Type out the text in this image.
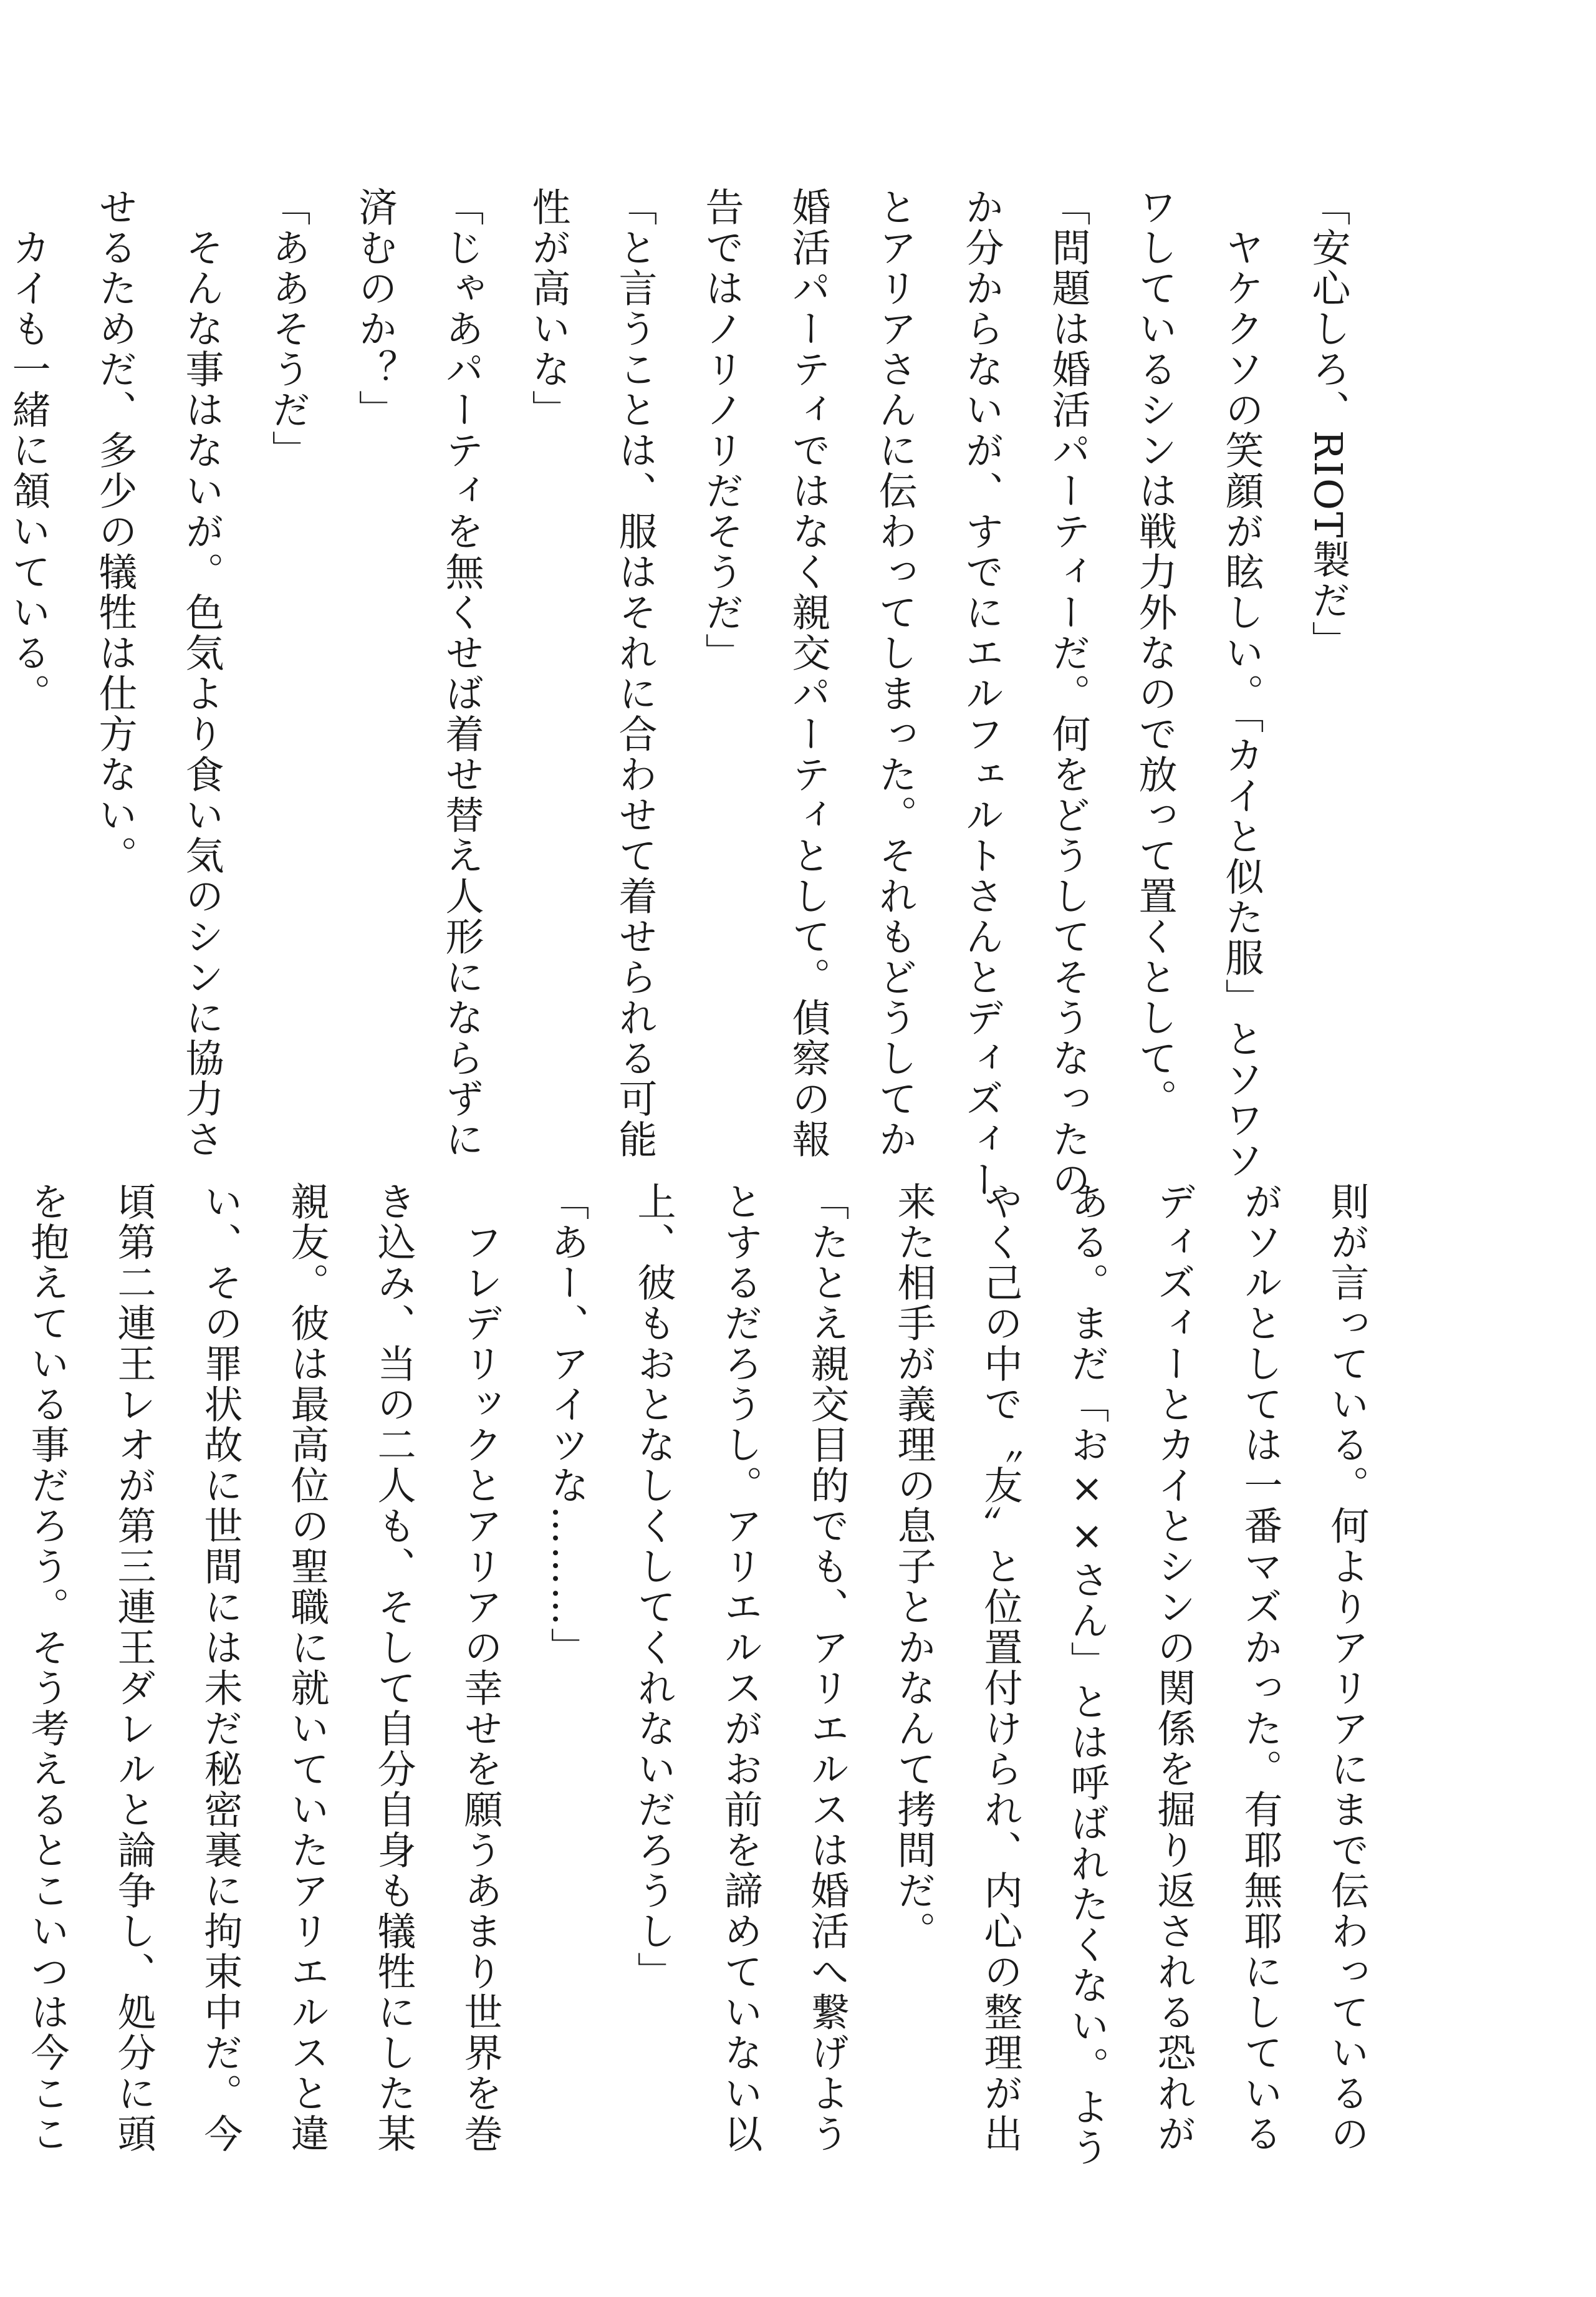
「安心しろ、RIOT製だ」
　ヤケクソの笑顔が眩しい。「カイと似た服」とソワソ
ワしているシンは戦力外なので放って置くとして。
「問題は婚活パーティーだ。何をどうしてそうなったの
か分からないが、すでにエルフェルトさんとディズィー
とアリアさんに伝わってしまった。それもどうしてか
婚活パーティではなく親交パーティとして。偵察の報
告ではノリノリだそうだ」
「と言うことは、服はそれに合わせて着せられる可能
性が高いな」
「じゃあパーティを無くせば着せ替え人形にならずに
済むのか？」
「ああそうだ」
　そんな事はないが。色気より食い気のシンに協力さ
せるためだ、多少の犠牲は仕方ない。
　カイも一緒に頷いている。
則が言っている。何よりアリアにまで伝わっているの
がソルとしては一番マズかった。有耶無耶にしている
ディズィーとカイとシンの関係を掘り返される恐れが
ある。まだ「お××さん」とは呼ばれたくない。よう
やく己の中で〝友〟と位置付けられ、内心の整理が出
来た相手が義理の息子とかなんて拷問だ。
「たとえ親交目的でも、アリエルスは婚活へ繋げよう
とするだろうし。アリエルスがお前を諦めていない以
上、彼もおとなしくしてくれないだろうし」
「あー、アイツな………」
　フレデリックとアリアの幸せを願うあまり世界を巻
き込み、当の二人も、そして自分自身も犠牲にした某
親友。彼は最高位の聖職に就いていたアリエルスと違
い、その罪状故に世間には未だ秘密裏に拘束中だ。今
頃第二連王レオが第三連王ダレルと論争し、処分に頭
を抱えている事だろう。そう考えるとこいつは今ここ
